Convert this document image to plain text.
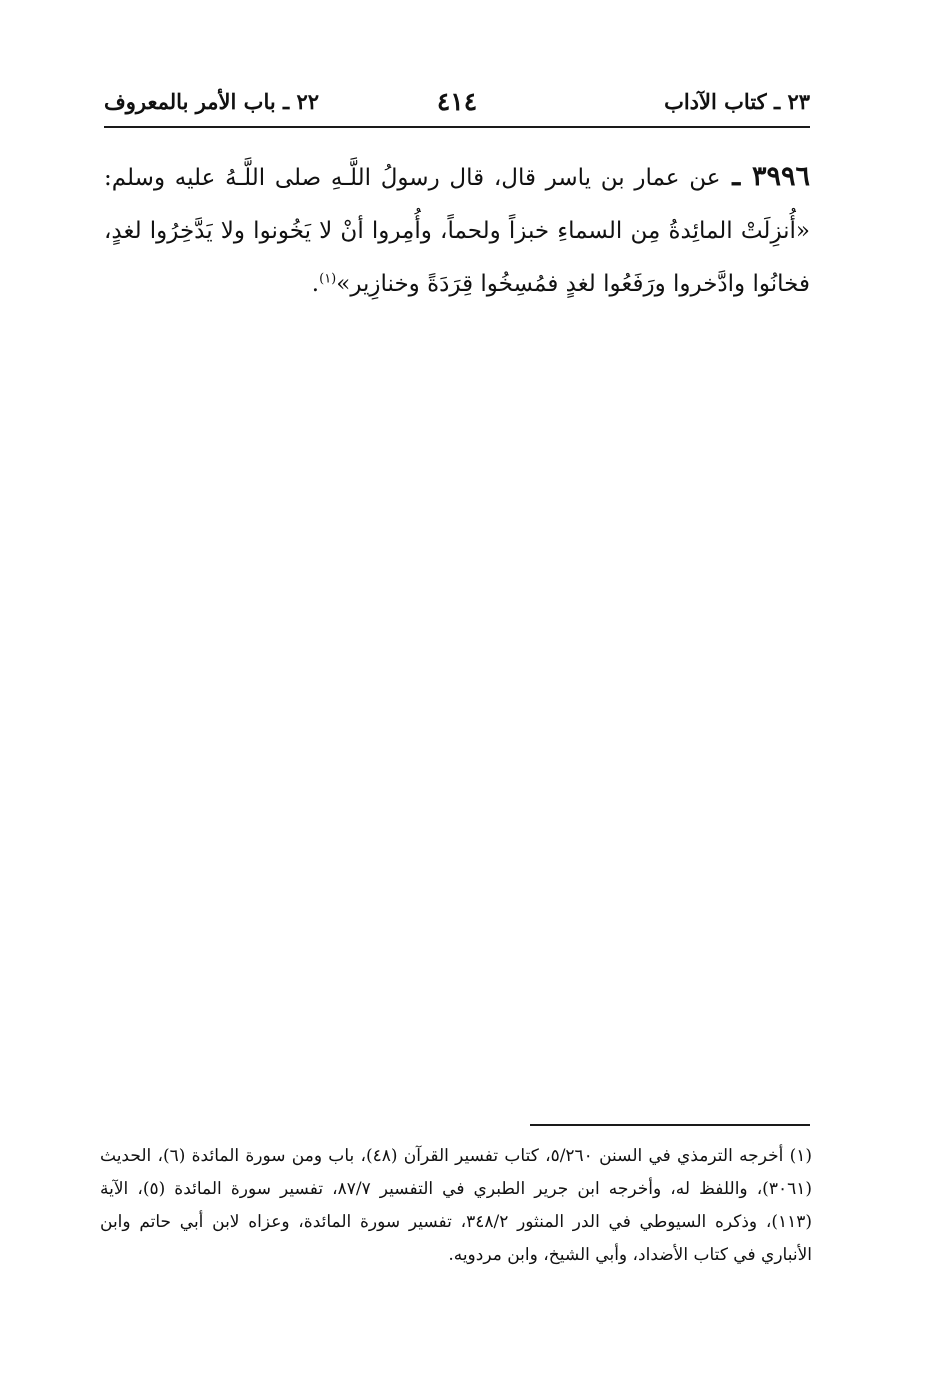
٢٣ ـ كتاب الآداب
٤١٤
٢٢ ـ باب الأمر بالمعروف
٣٩٩٦ ـ عن عمار بن ياسر قال، قال رسولُ اللَّـهِ صلى اللَّـهُ عليه وسلم: «أُنزِلَتْ المائِدةُ مِن السماءِ خبزاً ولحماً، وأُمِروا أنْ لا يَخُونوا ولا يَدَّخِرُوا لغدٍ، فخانُوا وادَّخروا ورَفَعُوا لغدٍ فمُسِخُوا قِرَدَةً وخنازِير»$^{(١)}$.
(١) أخرجه الترمذي في السنن ٥/٢٦٠، كتاب تفسير القرآن (٤٨)، باب ومن سورة المائدة (٦)، الحديث (٣٠٦١)، واللفظ له، وأخرجه ابن جرير الطبري في التفسير ٨٧/٧، تفسير سورة المائدة (٥)، الآية (١١٣)، وذكره السيوطي في الدر المنثور ٣٤٨/٢، تفسير سورة المائدة، وعزاه لابن أبي حاتم وابن الأنباري في كتاب الأضداد، وأبي الشيخ، وابن مردويه.
